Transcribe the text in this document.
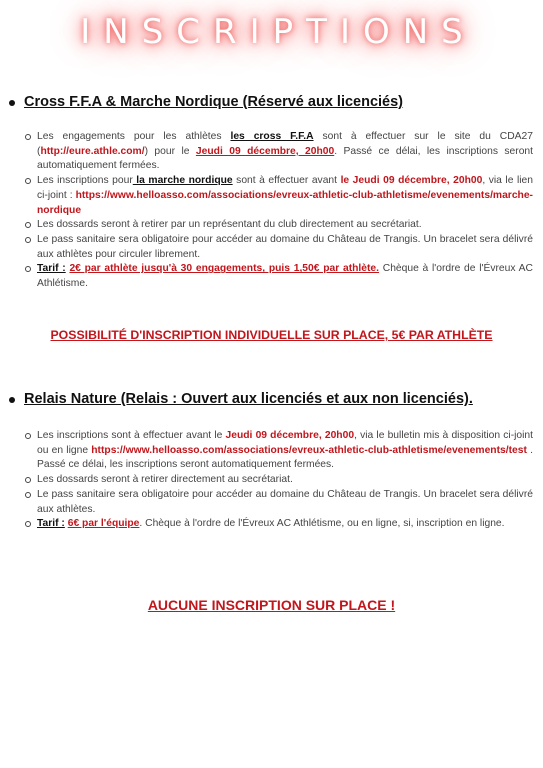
INSCRIPTIONS
Cross F.F.A & Marche Nordique (Réservé aux licenciés)
Les engagements pour les athlètes les cross F.F.A sont à effectuer sur le site du CDA27 (http://eure.athle.com/) pour le Jeudi 09 décembre, 20h00. Passé ce délai, les inscriptions seront automatiquement fermées.
Les inscriptions pour la marche nordique sont à effectuer avant le Jeudi 09 décembre, 20h00, via le lien ci-joint : https://www.helloasso.com/associations/evreux-athletic-club-athletisme/evenements/marche-nordique
Les dossards seront à retirer par un représentant du club directement au secrétariat.
Le pass sanitaire sera obligatoire pour accéder au domaine du Château de Trangis. Un bracelet sera délivré aux athlètes pour circuler librement.
Tarif : 2€ par athlète jusqu'à 30 engagements, puis 1,50€ par athlète. Chèque à l'ordre de l'Évreux AC Athlétisme.
POSSIBILITÉ D'INSCRIPTION INDIVIDUELLE SUR PLACE, 5€ PAR ATHLÈTE
Relais Nature (Relais : Ouvert aux licenciés et aux non licenciés).
Les inscriptions sont à effectuer avant le Jeudi 09 décembre, 20h00, via le bulletin mis à disposition ci-joint ou en ligne https://www.helloasso.com/associations/evreux-athletic-club-athletisme/evenements/test . Passé ce délai, les inscriptions seront automatiquement fermées.
Les dossards seront à retirer directement au secrétariat.
Le pass sanitaire sera obligatoire pour accéder au domaine du Château de Trangis. Un bracelet sera délivré aux athlètes.
Tarif : 6€ par l'équipe. Chèque à l'ordre de l'Évreux AC Athlétisme, ou en ligne, si, inscription en ligne.
AUCUNE INSCRIPTION SUR PLACE !
